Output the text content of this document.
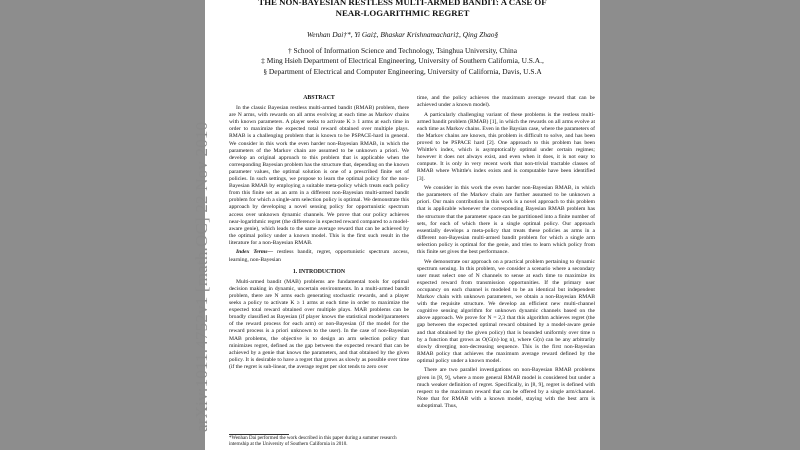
THE NON-BAYESIAN RESTLESS MULTI-ARMED BANDIT: A CASE OF
NEAR-LOGARITHMIC REGRET
Wenhan Dai†*, Yi Gai‡, Bhaskar Krishnamachari‡, Qing Zhao§
† School of Information Science and Technology, Tsinghua University, China
‡ Ming Hsieh Department of Electrical Engineering, University of Southern California, U.S.A.,
§ Department of Electrical and Computer Engineering, University of California, Davis, U.S.A
ABSTRACT

In the classic Bayesian restless multi-armed bandit (RMAB) problem, there are N arms, with rewards on all arms evolving at each time as Markov chains with known parameters. A player seeks to activate K ≥ 1 arms at each time in order to maximize the expected total reward obtained over multiple plays. RMAB is a challenging problem that is known to be PSPACE-hard in general. We consider in this work the even harder non-Bayesian RMAB, in which the parameters of the Markov chain are assumed to be unknown a priori. We develop an original approach to this problem that is applicable when the corresponding Bayesian problem has the structure that, depending on the known parameter values, the optimal solution is one of a prescribed finite set of policies. In such settings, we propose to learn the optimal policy for the non-Bayesian RMAB by employing a suitable meta-policy which treats each policy from this finite set as an arm in a different non-Bayesian multi-armed bandit problem for which a single-arm selection policy is optimal. We demonstrate this approach by developing a novel sensing policy for opportunistic spectrum access over unknown dynamic channels. We prove that our policy achieves near-logarithmic regret (the difference in expected reward compared to a model-aware genie), which leads to the same average reward that can be achieved by the optimal policy under a known model. This is the first such result in the literature for a non-Bayesian RMAB.

Index Terms— restless bandit, regret, opportunistic spectrum access, learning, non-Bayesian

1. INTRODUCTION

Multi-armed bandit (MAB) problems are fundamental tools for optimal decision making in dynamic, uncertain environments. In a multi-armed bandit problem, there are N arms each generating stochastic rewards, and a player seeks a policy to activate K ≥ 1 arms at each time in order to maximize the expected total reward obtained over multiple plays. MAB problems can be broadly classified as Bayesian (if player knows the statistical model/parameters of the reward process for each arm) or non-Bayesian (if the model for the reward process is a priori unknown to the user). In the case of non-Bayesian MAB problems, the objective is to design an arm selection policy that minimizes regret, defined as the gap between the expected reward that can be achieved by a genie that knows the parameters, and that obtained by the given policy. It is desirable to have a regret that grows as slowly as possible over time (if the regret is sub-linear, the average regret per slot tends to zero over

time, and the policy achieves the maximum average reward that can be achieved under a known model).

A particularly challenging variant of these problems is the restless multi-armed bandit problem (RMAB) [1], in which the rewards on all arms evolve at each time as Markov chains. Even in the Baysian case, where the parameters of the Markov chains are known, this problem is difficult to solve, and has been proved to be PSPACE hard [2]. One approach to this problem has been Whittle's index, which is asymptotically optimal under certain regimes; however it does not always exist, and even when it does, it is not easy to compute. It is only in very recent work that non-trivial tractable classes of RMAB where Whittle's index exists and is computable have been identified [3].

We consider in this work the even harder non-Bayesian RMAB, in which the parameters of the Markov chain are further assumed to be unknown a priori. Our main contribution in this work is a novel approach to this problem that is applicable whenever the corresponding Bayesian RMAB problem has the structure that the parameter space can be partitioned into a finite number of sets, for each of which there is a single optimal policy. Our approach essentially develops a meta-policy that treats these policies as arms in a different non-Bayesian multi-armed bandit problem for which a single arm selection policy is optimal for the genie, and tries to learn which policy from this finite set gives the best performance.

We demonstrate our approach on a practical problem pertaining to dynamic spectrum sensing. In this problem, we consider a scenario where a secondary user must select one of N channels to sense at each time to maximize its expected reward from transmission opportunities. If the primary user occupancy on each channel is modeled to be an identical but independent Markov chain with unknown parameters, we obtain a non-Bayesian RMAB with the requisite structure. We develop an efficient new multi-channel cognitive sensing algorithm for unknown dynamic channels based on the above approach. We prove for N = 2,3 that this algorithm achieves regret (the gap between the expected optimal reward obtained by a model-aware genie and that obtained by the given policy) that is bounded uniformly over time n by a function that grows as O(G(n)·log n), where G(n) can be any arbitrarily slowly diverging non-decreasing sequence. This is the first non-Bayesian RMAB policy that achieves the maximum average reward defined by the optimal policy under a known model.

There are two parallel investigations on non-Bayesian RMAB problems given in [8, 9], where a more general RMAB model is considered but under a much weaker definition of regret. Specifically, in [8, 9], regret is defined with respect to the maximum reward that can be offered by a single arm/channel. Note that for RMAB with a known model, staying with the best arm is suboptimal. Thus,

*Wenhan Dai performed the work described in this paper during a summer research internship at the University of Southern California in 2010.
arXiv:1011.4752v1 [math.OC] 22 Nov 2010
